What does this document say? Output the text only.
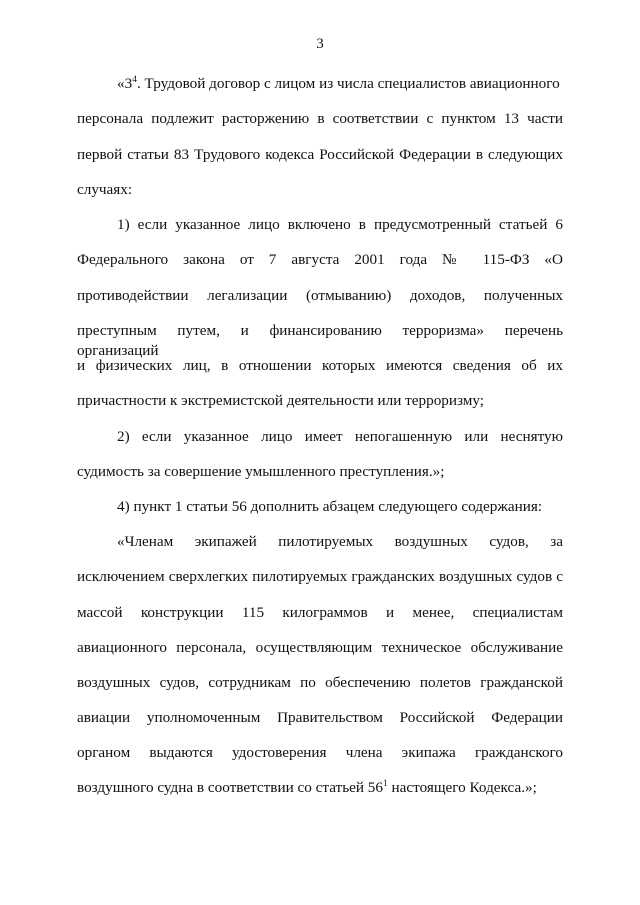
3
«$3^4$. Трудовой договор с лицом из числа специалистов авиационного
персонала подлежит расторжению в соответствии с пунктом 13 части
первой статьи 83 Трудового кодекса Российской Федерации в следующих
случаях:
1) если указанное лицо включено в предусмотренный статьей 6
Федерального закона от 7 августа 2001 года № 115-ФЗ «О
противодействии легализации (отмыванию) доходов, полученных
преступным путем, и финансированию терроризма» перечень организаций
и физических лиц, в отношении которых имеются сведения об их
причастности к экстремистской деятельности или терроризму;
2) если указанное лицо имеет непогашенную или неснятую
судимость за совершение умышленного преступления.»;
4) пункт 1 статьи 56 дополнить абзацем следующего содержания:
«Членам экипажей пилотируемых воздушных судов, за
исключением сверхлегких пилотируемых гражданских воздушных судов с
массой конструкции 115 килограммов и менее, специалистам
авиационного персонала, осуществляющим техническое обслуживание
воздушных судов, сотрудникам по обеспечению полетов гражданской
авиации уполномоченным Правительством Российской Федерации
органом выдаются удостоверения члена экипажа гражданского
воздушного судна в соответствии со статьей $56^1$ настоящего Кодекса.»;
